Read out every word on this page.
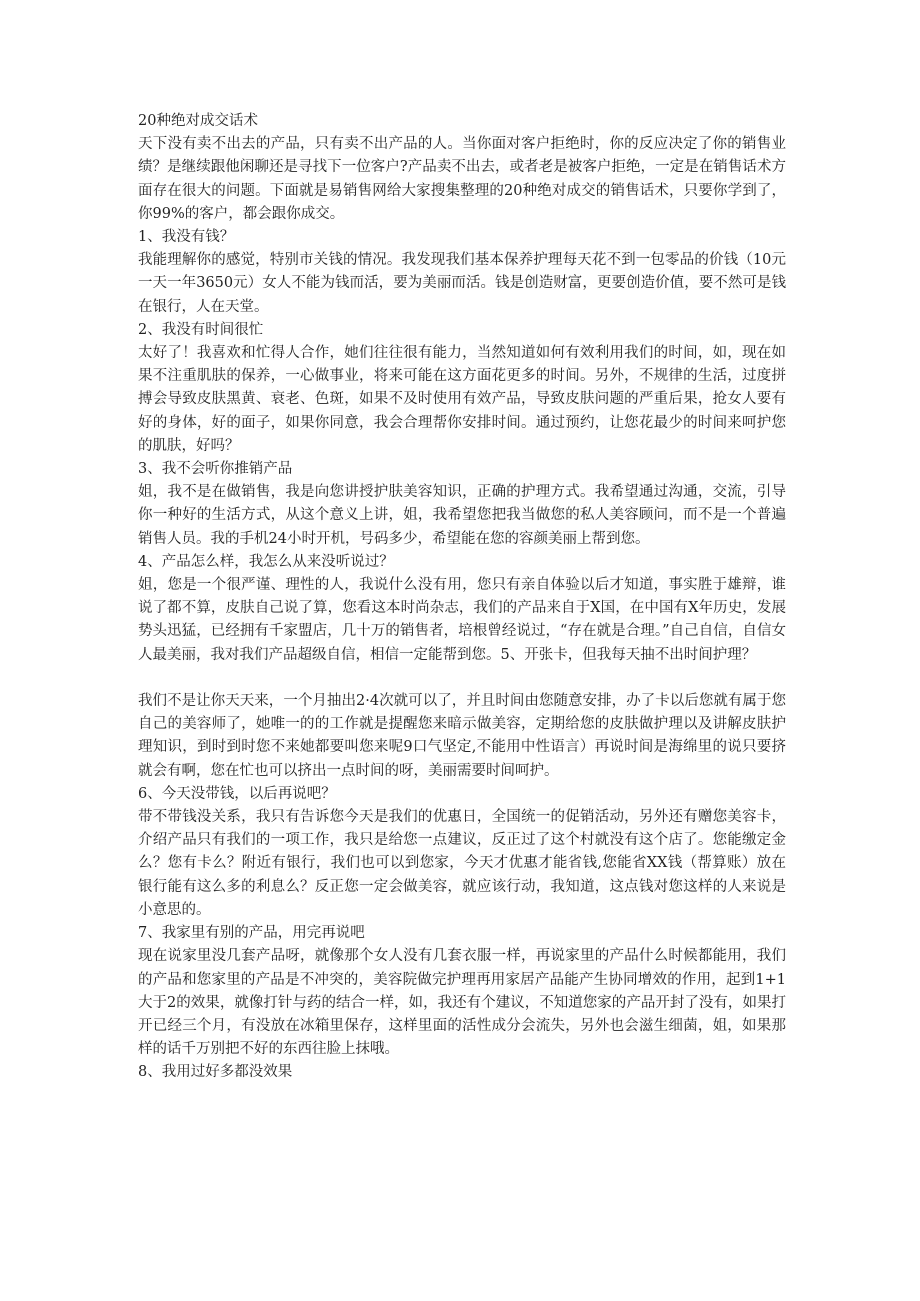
20种绝对成交话术

天下没有卖不出去的产品，只有卖不出产品的人。当你面对客户拒绝时，你的反应决定了你的销售业绩？是继续跟他闲聊还是寻找下一位客户?产品卖不出去，或者老是被客户拒绝，一定是在销售话术方面存在很大的问题。下面就是易销售网给大家搜集整理的20种绝对成交的销售话术，只要你学到了，你99%的客户，都会跟你成交。

1、我没有钱？

我能理解你的感觉，特别市关钱的情况。我发现我们基本保养护理每天花不到一包零品的价钱（10元一天一年3650元）女人不能为钱而活，要为美丽而活。钱是创造财富，更要创造价值，要不然可是钱在银行，人在天堂。

2、我没有时间很忙

太好了！我喜欢和忙得人合作，她们往往很有能力，当然知道如何有效利用我们的时间，如，现在如果不注重肌肤的保养，一心做事业，将来可能在这方面花更多的时间。另外，不规律的生活，过度拼搏会导致皮肤黑黄、衰老、色斑，如果不及时使用有效产品，导致皮肤问题的严重后果，抢女人要有好的身体，好的面子，如果你同意，我会合理帮你安排时间。通过预约，让您花最少的时间来呵护您的肌肤，好吗？

3、我不会听你推销产品

姐，我不是在做销售，我是向您讲授护肤美容知识，正确的护理方式。我希望通过沟通，交流，引导你一种好的生活方式，从这个意义上讲，姐，我希望您把我当做您的私人美容顾问，而不是一个普遍销售人员。我的手机24小时开机，号码多少，希望能在您的容颜美丽上帮到您。

4、产品怎么样，我怎么从来没听说过？

姐，您是一个很严谨、理性的人，我说什么没有用，您只有亲自体验以后才知道，事实胜于雄辩，谁说了都不算，皮肤自己说了算，您看这本时尚杂志，我们的产品来自于X国，在中国有X年历史，发展势头迅猛，已经拥有千家盟店，几十万的销售者，培根曾经说过，“存在就是合理。”自己自信，自信女人最美丽，我对我们产品超级自信，相信一定能帮到您。5、开张卡，但我每天抽不出时间护理？

我们不是让你天天来，一个月抽出2·4次就可以了，并且时间由您随意安排，办了卡以后您就有属于您自己的美容师了，她唯一的的工作就是提醒您来暗示做美容，定期给您的皮肤做护理以及讲解皮肤护理知识，到时到时您不来她都要叫您来呢9口气坚定,不能用中性语言）再说时间是海绵里的说只要挤就会有啊，您在忙也可以挤出一点时间的呀，美丽需要时间呵护。

6、今天没带钱，以后再说吧？

带不带钱没关系，我只有告诉您今天是我们的优惠日，全国统一的促销活动，另外还有赠您美容卡，介绍产品只有我们的一项工作，我只是给您一点建议，反正过了这个村就没有这个店了。您能缴定金么？您有卡么？附近有银行，我们也可以到您家，今天才优惠才能省钱,您能省XX钱（帮算账）放在银行能有这么多的利息么？反正您一定会做美容，就应该行动，我知道，这点钱对您这样的人来说是小意思的。

7、我家里有别的产品，用完再说吧

现在说家里没几套产品呀，就像那个女人没有几套衣服一样，再说家里的产品什么时候都能用，我们的产品和您家里的产品是不冲突的，美容院做完护理再用家居产品能产生协同增效的作用，起到1+1大于2的效果，就像打针与药的结合一样，如，我还有个建议，不知道您家的产品开封了没有，如果打开已经三个月，有没放在冰箱里保存，这样里面的活性成分会流失，另外也会滋生细菌，姐，如果那样的话千万别把不好的东西往脸上抹哦。

8、我用过好多都没效果
